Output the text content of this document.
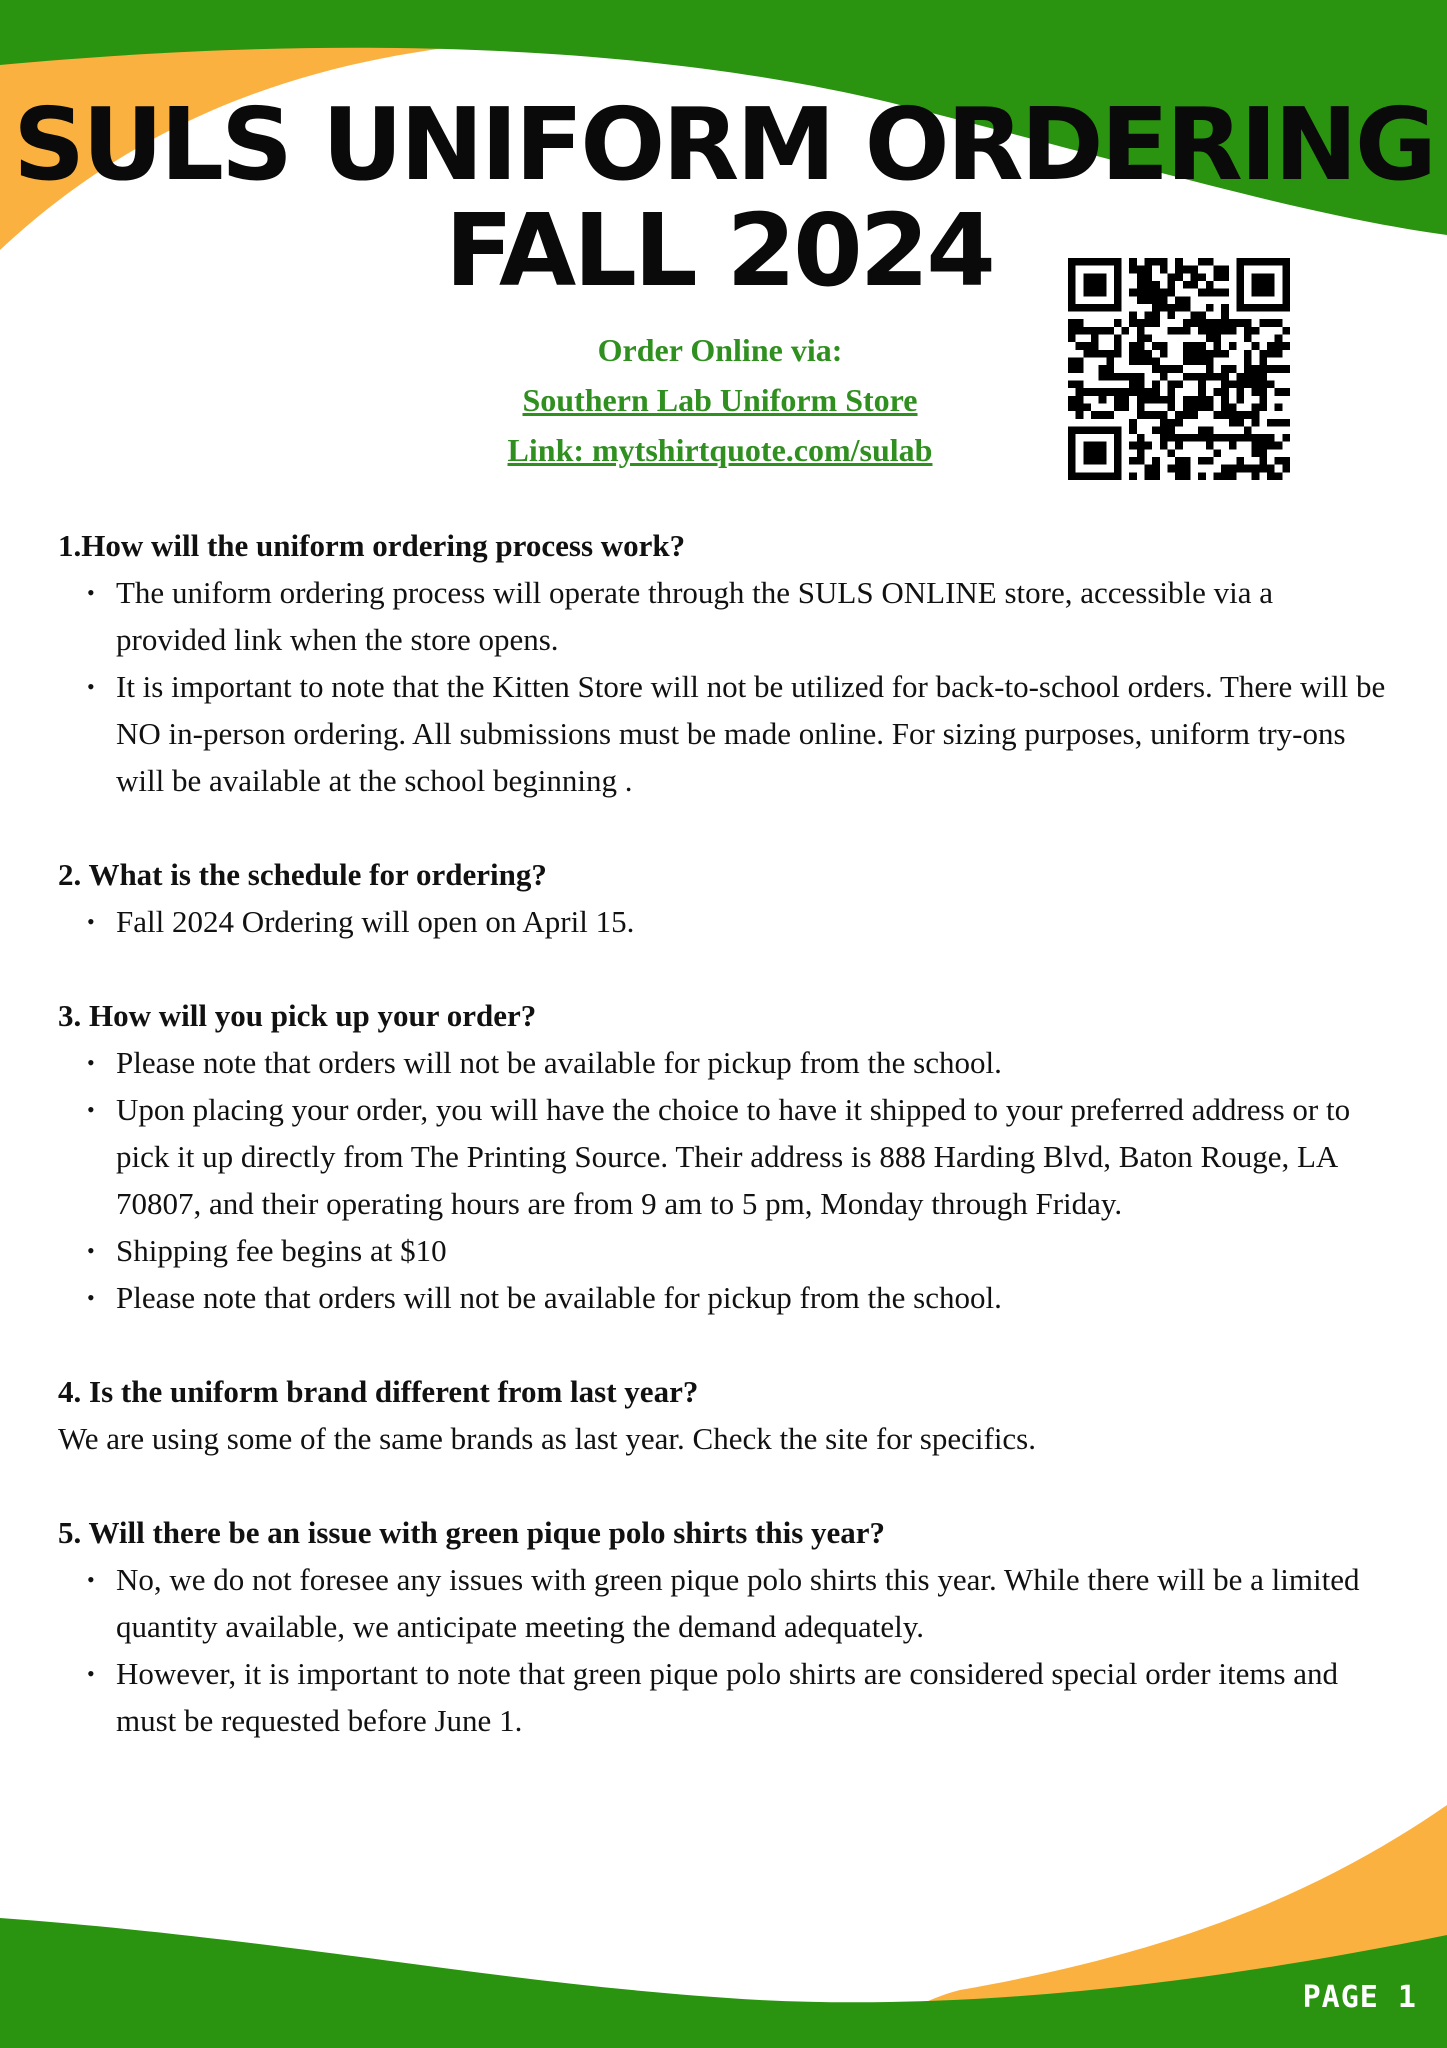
SULS UNIFORM ORDERING
FALL 2024
Order Online via:
Southern Lab Uniform Store
Link: mytshirtquote.com/sulab

1.How will the uniform ordering process work?

• The uniform ordering process will operate through the SULS ONLINE store, accessible via a provided link when the store opens.
• It is important to note that the Kitten Store will not be utilized for back-to-school orders. There will be NO in-person ordering. All submissions must be made online. For sizing purposes, uniform try-ons will be available at the school beginning .

2. What is the schedule for ordering?

• Fall 2024 Ordering will open on April 15.

3. How will you pick up your order?

• Please note that orders will not be available for pickup from the school.
• Upon placing your order, you will have the choice to have it shipped to your preferred address or to pick it up directly from The Printing Source. Their address is 888 Harding Blvd, Baton Rouge, LA 70807, and their operating hours are from 9 am to 5 pm, Monday through Friday.
• Shipping fee begins at $10
• Please note that orders will not be available for pickup from the school.

4. Is the uniform brand different from last year?

We are using some of the same brands as last year. Check the site for specifics.

5. Will there be an issue with green pique polo shirts this year?

• No, we do not foresee any issues with green pique polo shirts this year. While there will be a limited quantity available, we anticipate meeting the demand adequately.
• However, it is important to note that green pique polo shirts are considered special order items and must be requested before June 1.
PAGE 1
